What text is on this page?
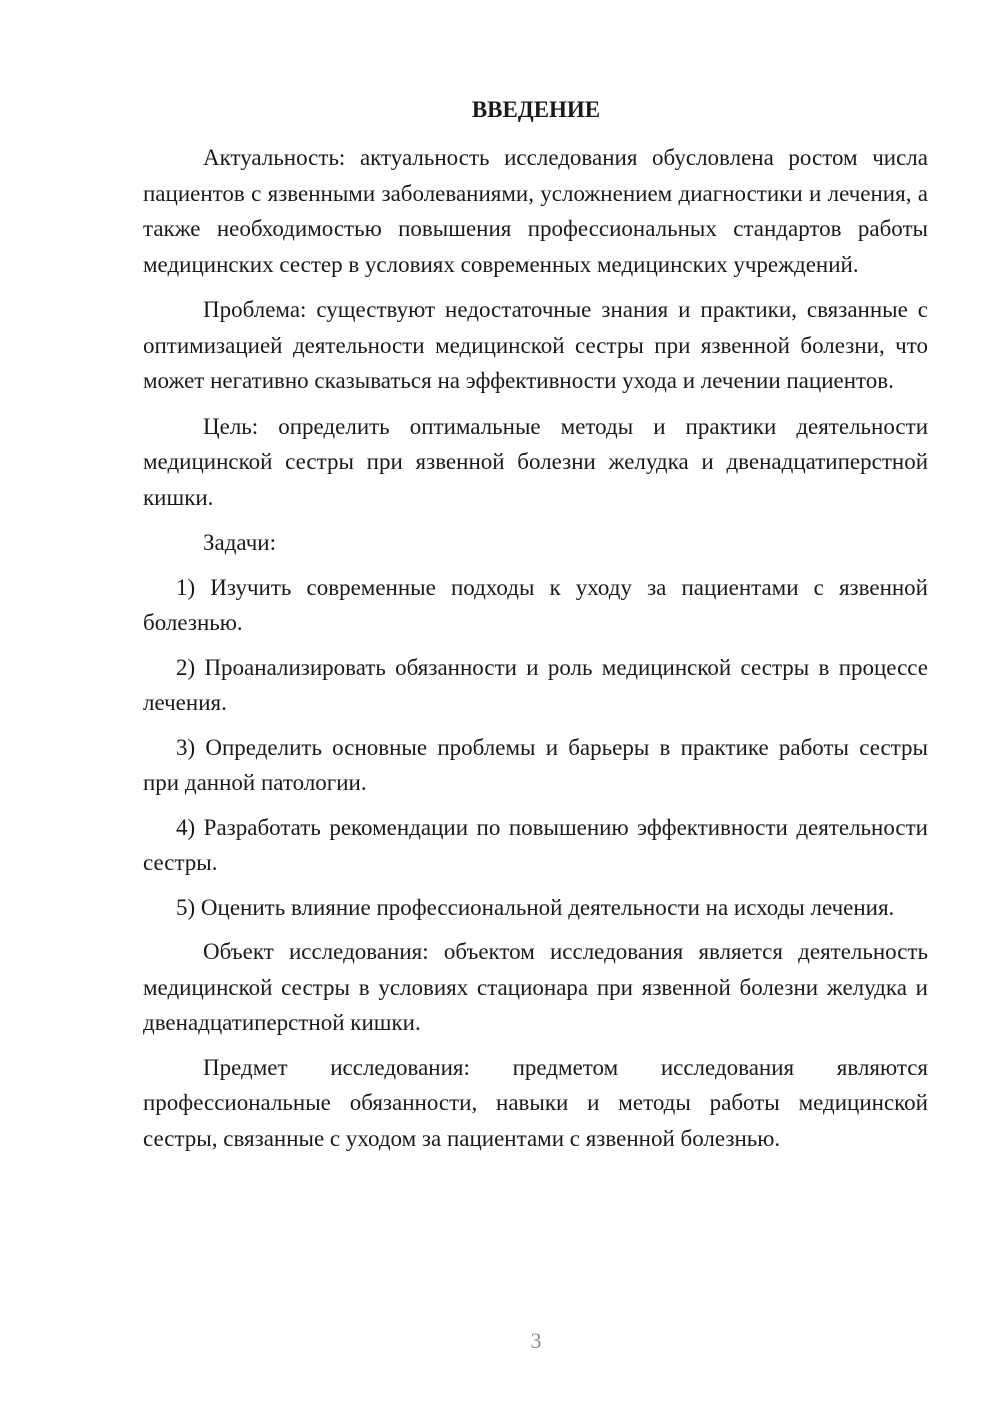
ВВЕДЕНИЕ

Актуальность: актуальность исследования обусловлена ростом числа пациентов с язвенными заболеваниями, усложнением диагностики и лечения, а также необходимостью повышения профессиональных стандартов работы медицинских сестер в условиях современных медицинских учреждений.

Проблема: существуют недостаточные знания и практики, связанные с оптимизацией деятельности медицинской сестры при язвенной болезни, что может негативно сказываться на эффективности ухода и лечении пациентов.

Цель: определить оптимальные методы и практики деятельности медицинской сестры при язвенной болезни желудка и двенадцатиперстной кишки.

Задачи:

1) Изучить современные подходы к уходу за пациентами с язвенной болезнью.

2) Проанализировать обязанности и роль медицинской сестры в процессе лечения.

3) Определить основные проблемы и барьеры в практике работы сестры при данной патологии.

4) Разработать рекомендации по повышению эффективности деятельности сестры.

5) Оценить влияние профессиональной деятельности на исходы лечения.

Объект исследования: объектом исследования является деятельность медицинской сестры в условиях стационара при язвенной болезни желудка и двенадцатиперстной кишки.

Предмет исследования: предметом исследования являются профессиональные обязанности, навыки и методы работы медицинской сестры, связанные с уходом за пациентами с язвенной болезнью.

3
